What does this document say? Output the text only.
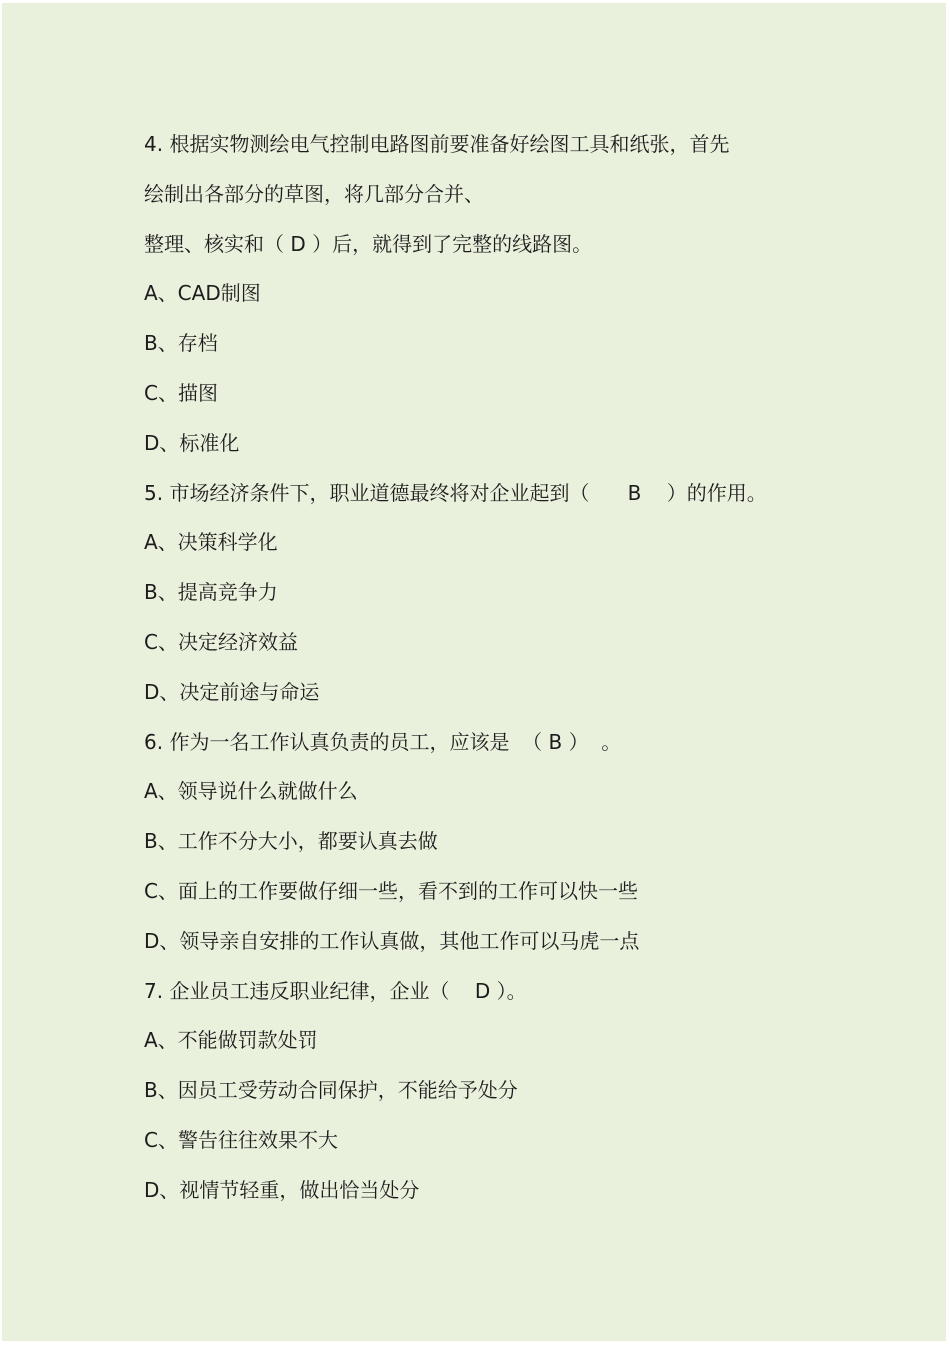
4. 根据实物测绘电气控制电路图前要准备好绘图工具和纸张，首先
绘制出各部分的草图，将几部分合并、
整理、核实和（ D ）后，就得到了完整的线路图。
A、CAD制图
B、存档
C、描图
D、标准化
5. 市场经济条件下，职业道德最终将对企业起到（      B    ）的作用。
A、决策科学化
B、提高竞争力
C、决定经济效益
D、决定前途与命运
6. 作为一名工作认真负责的员工，应该是  （ B ）  。
A、领导说什么就做什么
B、工作不分大小，都要认真去做
C、面上的工作要做仔细一些，看不到的工作可以快一些
D、领导亲自安排的工作认真做，其他工作可以马虎一点
7. 企业员工违反职业纪律，企业（    D ）。
A、不能做罚款处罚
B、因员工受劳动合同保护，不能给予处分
C、警告往往效果不大
D、视情节轻重，做出恰当处分
